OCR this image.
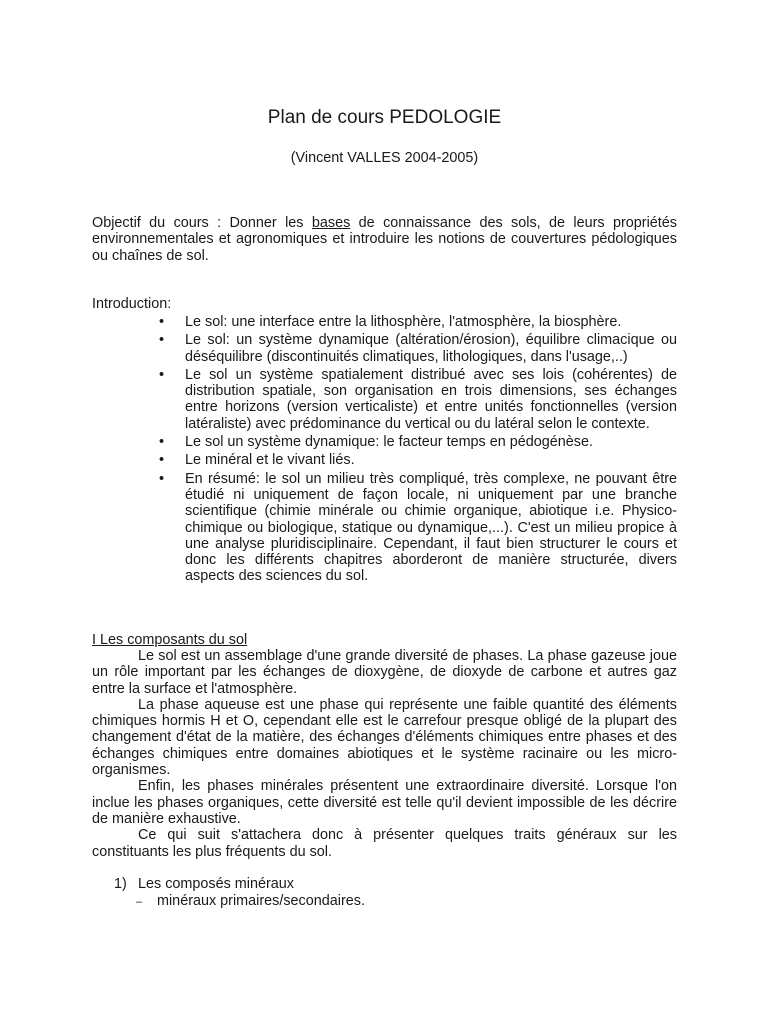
Plan de cours PEDOLOGIE
(Vincent VALLES 2004-2005)
Objectif du cours : Donner les bases de connaissance des sols, de leurs propriétés environnementales et agronomiques et introduire les notions de couvertures pédologiques ou chaînes de sol.
Introduction:
• Le sol: une interface entre la lithosphère, l'atmosphère, la biosphère.
• Le sol: un système dynamique (altération/érosion), équilibre climacique ou déséquilibre (discontinuités climatiques, lithologiques, dans l'usage,..)
• Le sol un système spatialement distribué avec ses lois (cohérentes) de distribution spatiale, son organisation en trois dimensions, ses échanges entre horizons (version verticaliste) et entre unités fonctionnelles (version latéraliste) avec prédominance du vertical ou du latéral selon le contexte.
• Le sol un système dynamique: le facteur temps en pédogénèse.
• Le minéral et le vivant liés.
• En résumé: le sol un milieu très compliqué, très complexe, ne pouvant être étudié ni uniquement de façon locale, ni uniquement par une branche scientifique (chimie minérale ou chimie organique, abiotique i.e. Physico-chimique ou biologique, statique ou dynamique,...). C'est un milieu propice à une analyse pluridisciplinaire. Cependant, il faut bien structurer le cours et donc les différents chapitres aborderont de manière structurée, divers aspects des sciences du sol.
I Les composants du sol

Le sol est un assemblage d'une grande diversité de phases. La phase gazeuse joue un rôle important par les échanges de dioxygène, de dioxyde de carbone et autres gaz entre la surface et l'atmosphère.

La phase aqueuse est une phase qui représente une faible quantité des éléments chimiques hormis H et O, cependant elle est le carrefour presque obligé de la plupart des changement d'état de la matière, des échanges d'éléments chimiques entre phases et des échanges chimiques entre domaines abiotiques et le système racinaire ou les micro-organismes.

Enfin, les phases minérales présentent une extraordinaire diversité. Lorsque l'on inclue les phases organiques, cette diversité est telle qu'il devient impossible de les décrire de manière exhaustive.

Ce qui suit s'attachera donc à présenter quelques traits généraux sur les constituants les plus fréquents du sol.

1) Les composés minéraux
– minéraux primaires/secondaires.
